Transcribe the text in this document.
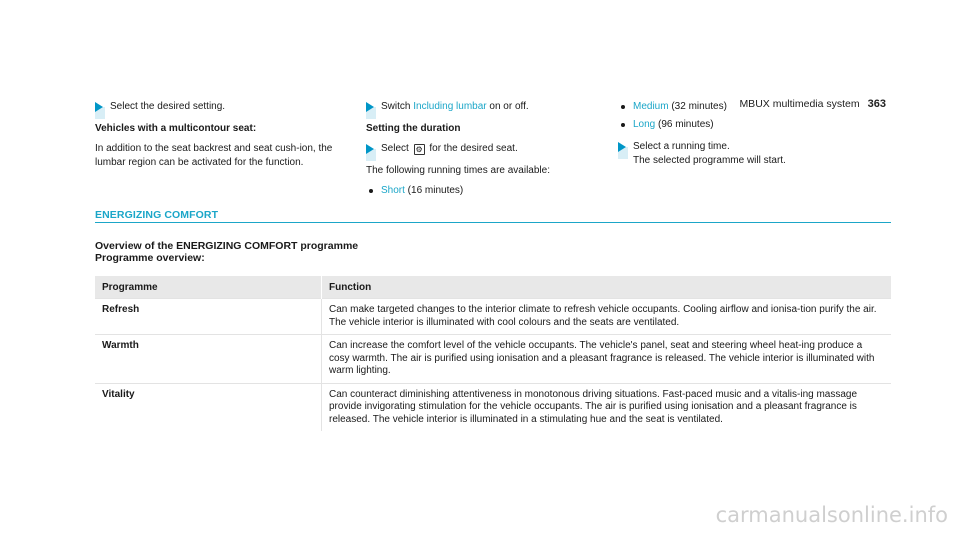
MBUX multimedia system 363
Select the desired setting.

Vehicles with a multicontour seat:

In addition to the seat backrest and seat cush-ion, the lumbar region can be activated for the function.

Switch Including lumbar on or off.

Setting the duration

Select ⚙ for the desired seat.

The following running times are available:

Short (16 minutes)
Medium (32 minutes)
Long (96 minutes)
Select a running time.
The selected programme will start.
ENERGIZING COMFORT
Overview of the ENERGIZING COMFORT programme
Programme overview:
Programme	Function
Refresh	Can make targeted changes to the interior climate to refresh vehicle occupants. Cooling airflow and ionisa-tion purify the air. The vehicle interior is illuminated with cool colours and the seats are ventilated.
Warmth	Can increase the comfort level of the vehicle occupants. The vehicle's panel, seat and steering wheel heat-ing produce a cosy warmth. The air is purified using ionisation and a pleasant fragrance is released. The vehicle interior is illuminated with warm lighting.
Vitality	Can counteract diminishing attentiveness in monotonous driving situations. Fast-paced music and a vitalis-ing massage provide invigorating stimulation for the vehicle occupants. The air is purified using ionisation and a pleasant fragrance is released. The vehicle interior is illuminated in a stimulating hue and the seat is ventilated.
carmanualsonline.info
